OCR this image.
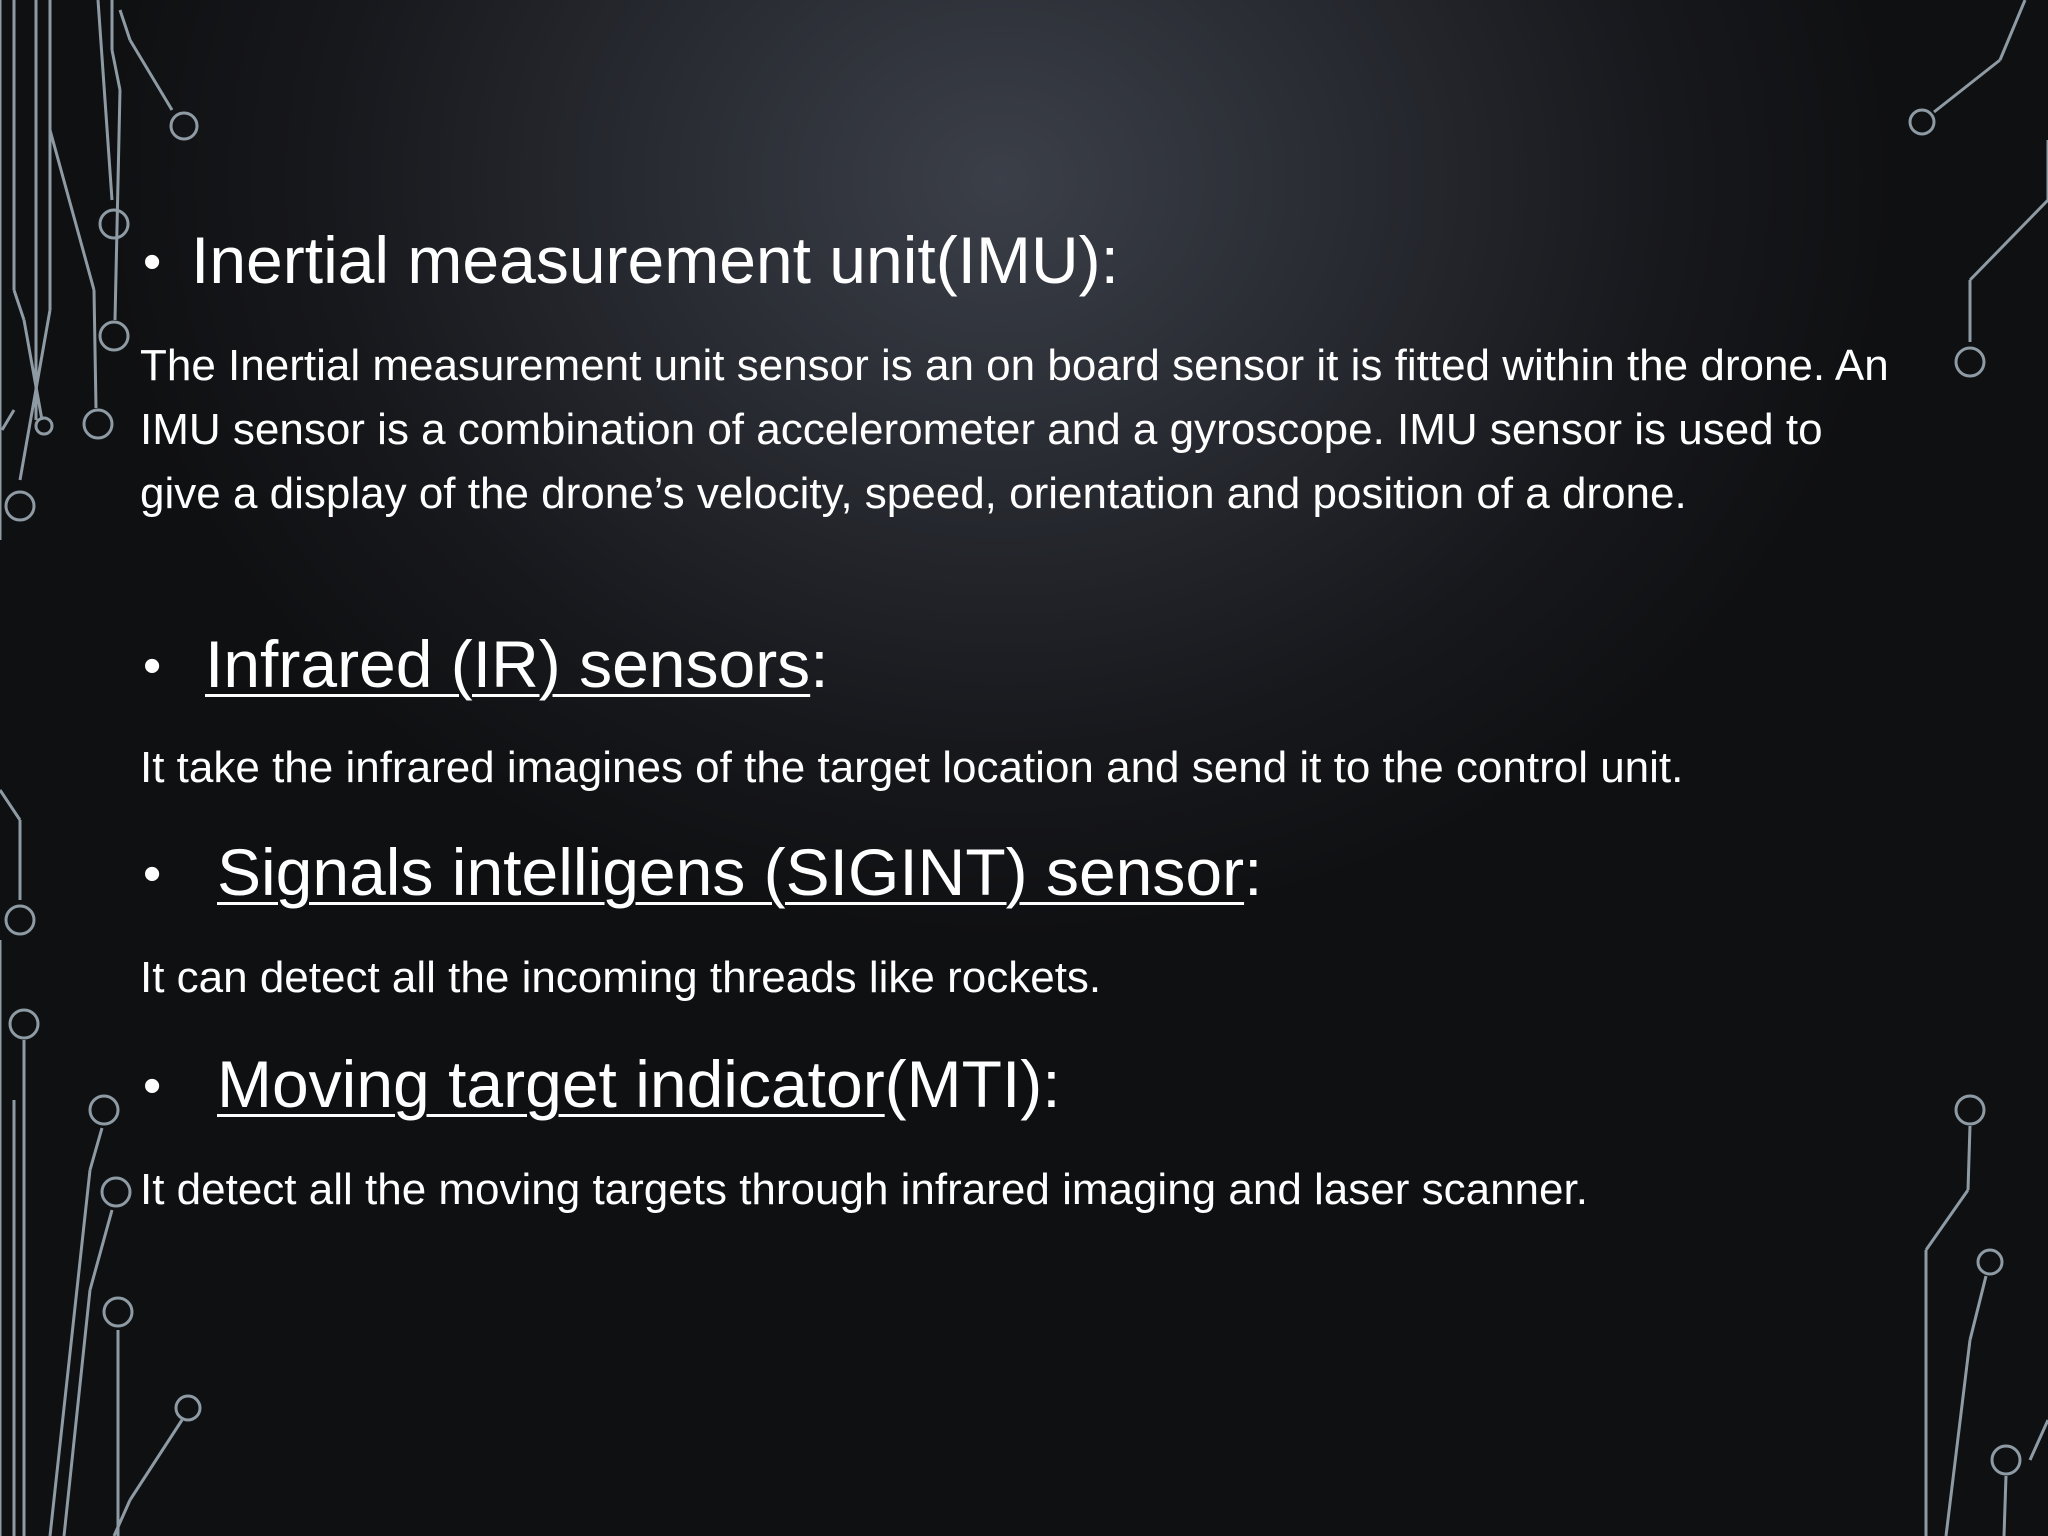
• Inertial measurement unit(IMU):

The Inertial measurement unit sensor is an on board sensor it is fitted within the drone. An IMU sensor is a combination of accelerometer and a gyroscope. IMU sensor is used to give a display of the drone’s velocity, speed, orientation and position of a drone.

• Infrared (IR) sensors:

It take the infrared imagines of the target location and send it to the control unit.

• Signals intelligens (SIGINT) sensor:

It can detect all the incoming threads like rockets.

• Moving target indicator(MTI):

It detect all the moving targets through infrared imaging and laser scanner.
